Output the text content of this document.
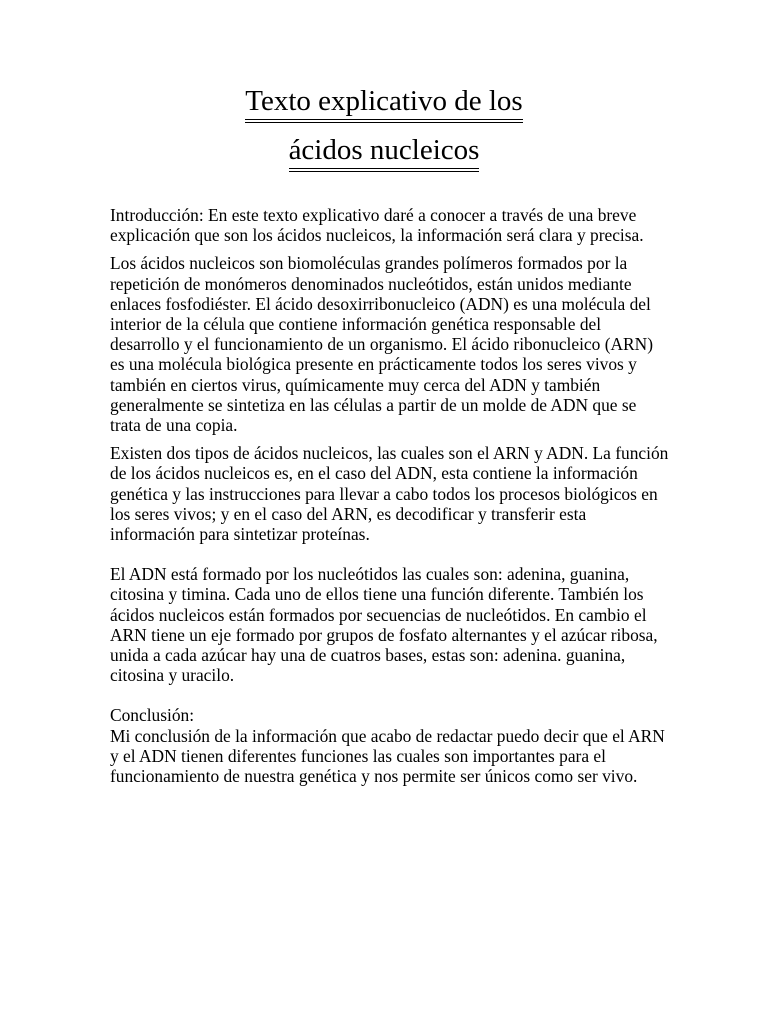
Texto explicativo de los
ácidos nucleicos

Introducción: En este texto explicativo daré a conocer a través de una breve explicación que son los ácidos nucleicos, la información será clara y precisa.

Los ácidos nucleicos son biomoléculas grandes polímeros formados por la repetición de monómeros denominados nucleótidos, están unidos mediante enlaces fosfodiéster. El ácido desoxirribonucleico (ADN) es una molécula del interior de la célula que contiene información genética responsable del desarrollo y el funcionamiento de un organismo. El ácido ribonucleico (ARN) es una molécula biológica presente en prácticamente todos los seres vivos y también en ciertos virus, químicamente muy cerca del ADN y también generalmente se sintetiza en las células a partir de un molde de ADN que se trata de una copia.

Existen dos tipos de ácidos nucleicos, las cuales son el ARN y ADN. La función de los ácidos nucleicos es, en el caso del ADN, esta contiene la información genética y las instrucciones para llevar a cabo todos los procesos biológicos en los seres vivos; y en el caso del ARN, es decodificar y transferir esta información para sintetizar proteínas.

El ADN está formado por los nucleótidos las cuales son: adenina, guanina, citosina y timina. Cada uno de ellos tiene una función diferente. También los ácidos nucleicos están formados por secuencias de nucleótidos. En cambio el ARN tiene un eje formado por grupos de fosfato alternantes y el azúcar ribosa, unida a cada azúcar hay una de cuatros bases, estas son: adenina. guanina, citosina y uracilo.

Conclusión:

Mi conclusión de la información que acabo de redactar puedo decir que el ARN y el ADN tienen diferentes funciones las cuales son importantes para el funcionamiento de nuestra genética y nos permite ser únicos como ser vivo.
